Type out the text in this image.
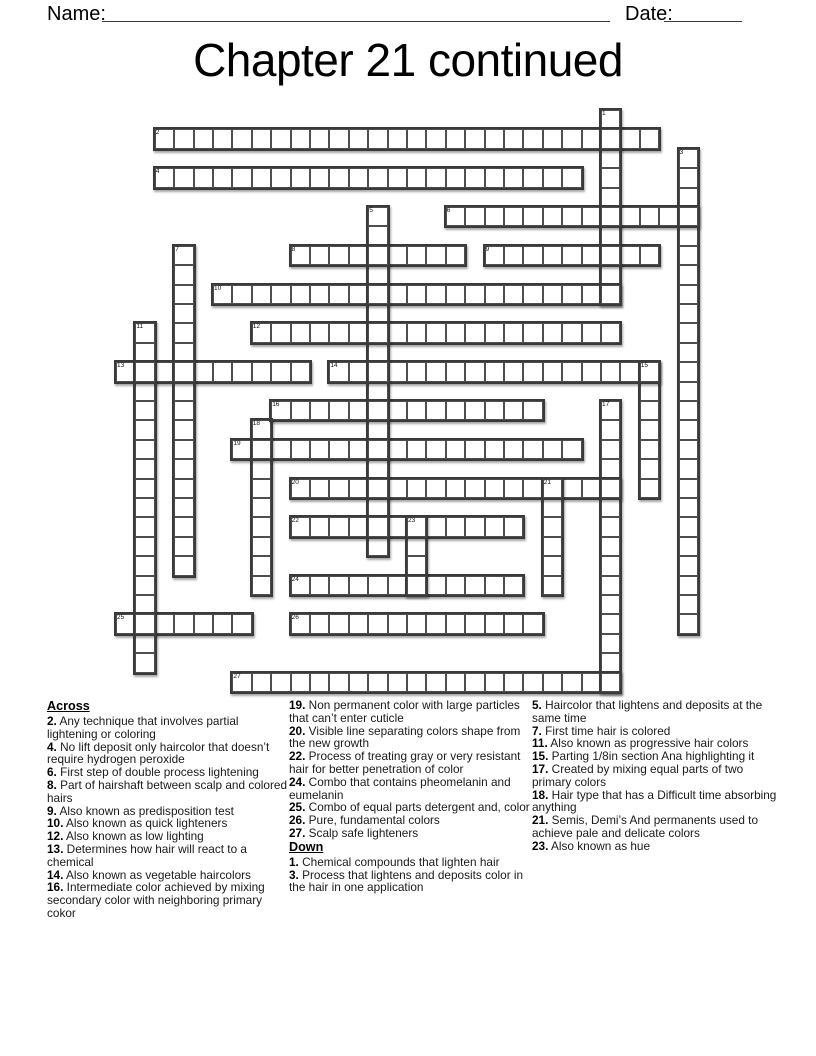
Name:	Date:
Chapter 21 continued
2
4
6
8	9
10
12
13	14
16
19
20
22
24
25	26
27
1
3
5
7
11
15
17
18
21
23

Across

2. Any technique that involves partial lightening or coloring

4. No lift deposit only haircolor that doesn’t require hydrogen peroxide

6. First step of double process lightening

8. Part of hairshaft between scalp and colored hairs

9. Also known as predisposition test

10. Also known as quick lighteners

12. Also known as low lighting

13. Determines how hair will react to a chemical

14. Also known as vegetable haircolors

16. Intermediate color achieved by mixing secondary color with neighboring primary cokor

19. Non permanent color with large particles that can’t enter cuticle

20. Visible line separating colors shape from the new growth

22. Process of treating gray or very resistant hair for better penetration of color

24. Combo that contains pheomelanin and eumelanin

25. Combo of equal parts detergent and, color

26. Pure, fundamental colors

27. Scalp safe lighteners

Down

1. Chemical compounds that lighten hair

3. Process that lightens and deposits color in the hair in one application

5. Haircolor that lightens and deposits at the same time

7. First time hair is colored

11. Also known as progressive hair colors

15. Parting 1/8in section Ana highlighting it

17. Created by mixing equal parts of two primary colors

18. Hair type that has a Difficult time absorbing anything

21. Semis, Demi’s And permanents used to achieve pale and delicate colors

23. Also known as hue
